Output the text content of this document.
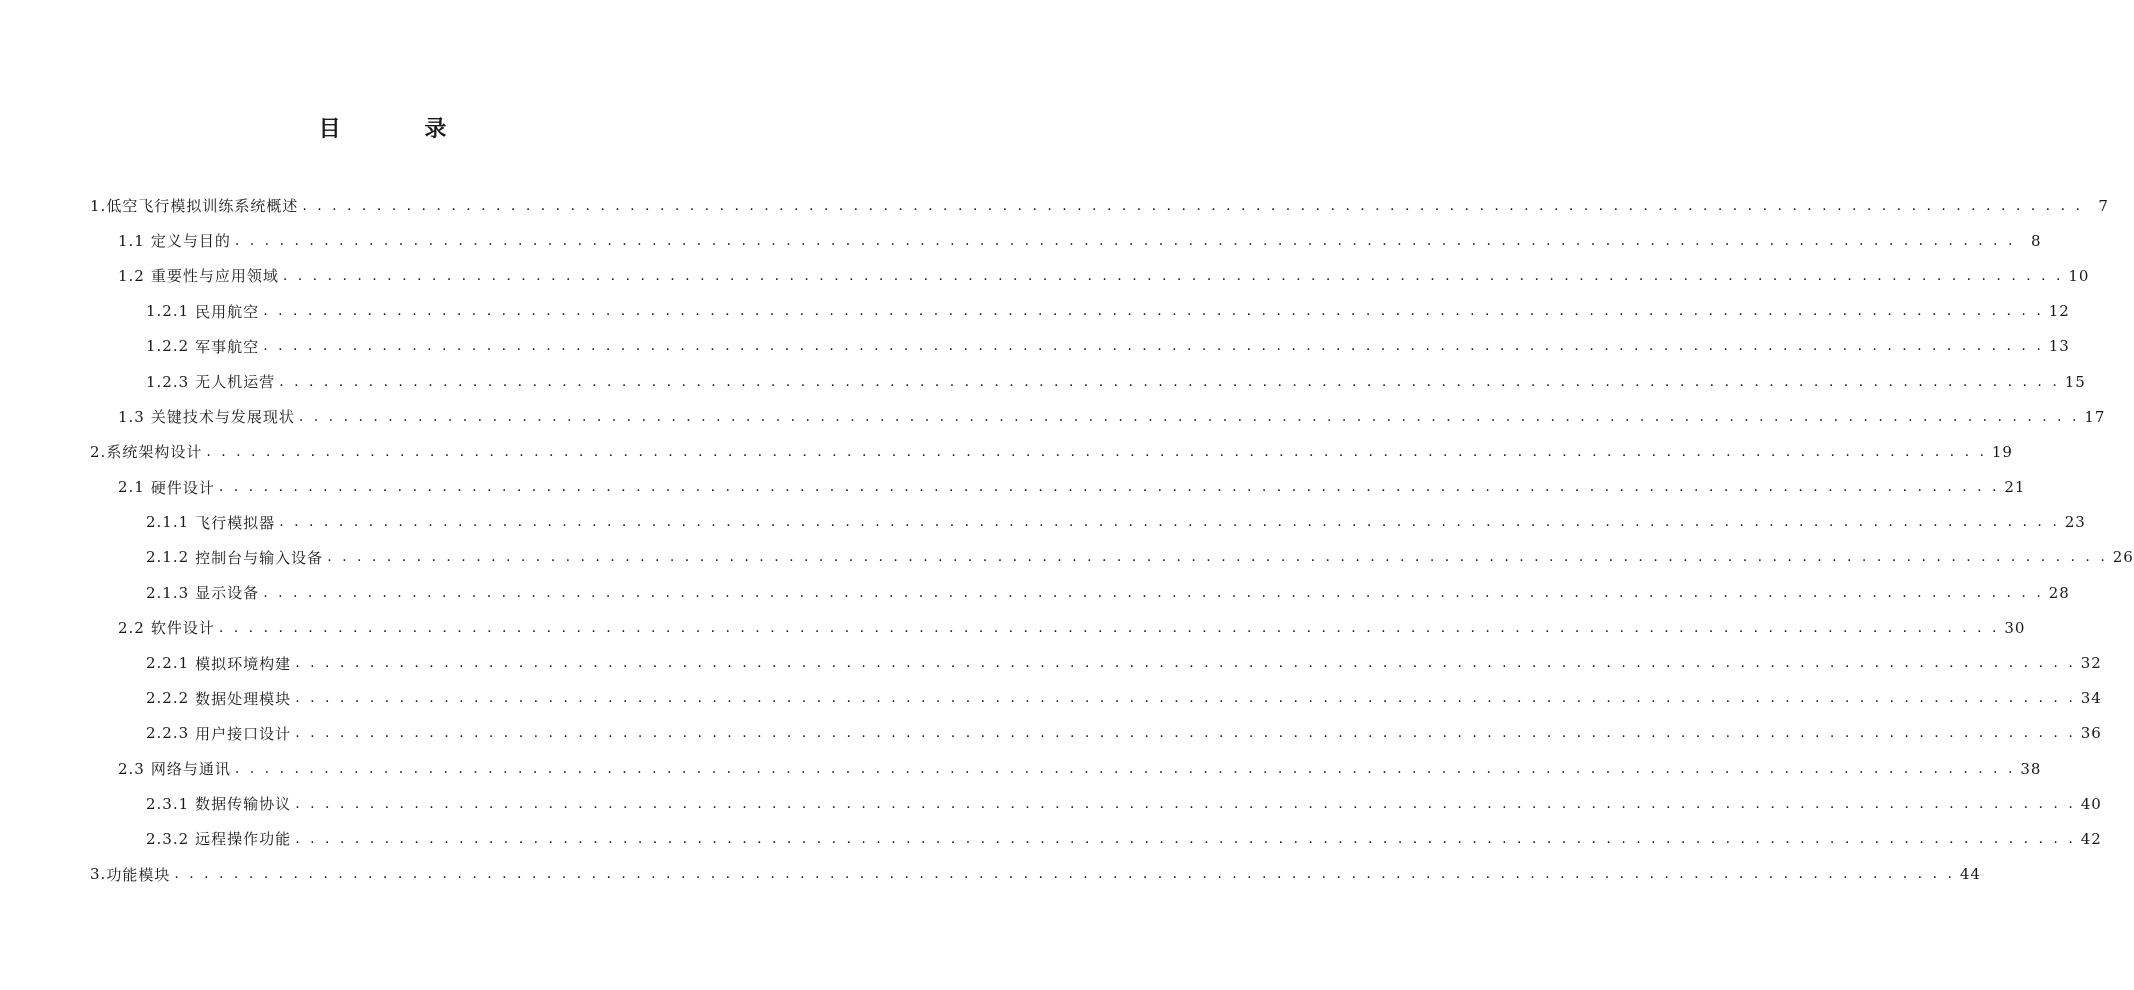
目 录
1. 低空飞行模拟训练系统概述 . . . . . . . . . . . . . . . . . . . . . . . . . . . . . . . . . . . . . . . . . . . . . . . . . . . . . . . . . . . . . . . . . . . . . . . . . . . . . . . . . . . . . . . . . . . . . . . . . . . . . . . . . . . . . . . . . . . . . . . .	7
1.1 定义与目的 . . . . . . . . . . . . . . . . . . . . . . . . . . . . . . . . . . . . . . . . . . . . . . . . . . . . . . . . . . . . . . . . . . . . . . . . . . . . . . . . . . . . . . . . . . . . . . . . . . . . . . . . . . . . . . . . . . . . . . . .	8
1.2 重要性与应用领域 . . . . . . . . . . . . . . . . . . . . . . . . . . . . . . . . . . . . . . . . . . . . . . . . . . . . . . . . . . . . . . . . . . . . . . . . . . . . . . . . . . . . . . . . . . . . . . . . . . . . . . . . . . . . . . . . . . . . . . . . 10
1.2.1 民用航空 . . . . . . . . . . . . . . . . . . . . . . . . . . . . . . . . . . . . . . . . . . . . . . . . . . . . . . . . . . . . . . . . . . . . . . . . . . . . . . . . . . . . . . . . . . . . . . . . . . . . . . . . . . . . . . . . . . . . . . . . 12
1.2.2 军事航空 . . . . . . . . . . . . . . . . . . . . . . . . . . . . . . . . . . . . . . . . . . . . . . . . . . . . . . . . . . . . . . . . . . . . . . . . . . . . . . . . . . . . . . . . . . . . . . . . . . . . . . . . . . . . . . . . . . . . . . . . 13
1.2.3 无人机运营 . . . . . . . . . . . . . . . . . . . . . . . . . . . . . . . . . . . . . . . . . . . . . . . . . . . . . . . . . . . . . . . . . . . . . . . . . . . . . . . . . . . . . . . . . . . . . . . . . . . . . . . . . . . . . . . . . . . . . . . . 15
1.3 关键技术与发展现状 . . . . . . . . . . . . . . . . . . . . . . . . . . . . . . . . . . . . . . . . . . . . . . . . . . . . . . . . . . . . . . . . . . . . . . . . . . . . . . . . . . . . . . . . . . . . . . . . . . . . . . . . . . . . . . . . . . . . . . . . 17
2. 系统架构设计 . . . . . . . . . . . . . . . . . . . . . . . . . . . . . . . . . . . . . . . . . . . . . . . . . . . . . . . . . . . . . . . . . . . . . . . . . . . . . . . . . . . . . . . . . . . . . . . . . . . . . . . . . . . . . . . . . . . . . . . . 19
2.1 硬件设计 . . . . . . . . . . . . . . . . . . . . . . . . . . . . . . . . . . . . . . . . . . . . . . . . . . . . . . . . . . . . . . . . . . . . . . . . . . . . . . . . . . . . . . . . . . . . . . . . . . . . . . . . . . . . . . . . . . . . . . . . 21
2.1.1 飞行模拟器 . . . . . . . . . . . . . . . . . . . . . . . . . . . . . . . . . . . . . . . . . . . . . . . . . . . . . . . . . . . . . . . . . . . . . . . . . . . . . . . . . . . . . . . . . . . . . . . . . . . . . . . . . . . . . . . . . . . . . . . . 23
2.1.2 控制台与输入设备 . . . . . . . . . . . . . . . . . . . . . . . . . . . . . . . . . . . . . . . . . . . . . . . . . . . . . . . . . . . . . . . . . . . . . . . . . . . . . . . . . . . . . . . . . . . . . . . . . . . . . . . . . . . . . . . . . . . . . . . . 26
2.1.3 显示设备 . . . . . . . . . . . . . . . . . . . . . . . . . . . . . . . . . . . . . . . . . . . . . . . . . . . . . . . . . . . . . . . . . . . . . . . . . . . . . . . . . . . . . . . . . . . . . . . . . . . . . . . . . . . . . . . . . . . . . . . . 28
2.2 软件设计 . . . . . . . . . . . . . . . . . . . . . . . . . . . . . . . . . . . . . . . . . . . . . . . . . . . . . . . . . . . . . . . . . . . . . . . . . . . . . . . . . . . . . . . . . . . . . . . . . . . . . . . . . . . . . . . . . . . . . . . . 30
2.2.1 模拟环境构建 . . . . . . . . . . . . . . . . . . . . . . . . . . . . . . . . . . . . . . . . . . . . . . . . . . . . . . . . . . . . . . . . . . . . . . . . . . . . . . . . . . . . . . . . . . . . . . . . . . . . . . . . . . . . . . . . . . . . . . . . 32
2.2.2 数据处理模块 . . . . . . . . . . . . . . . . . . . . . . . . . . . . . . . . . . . . . . . . . . . . . . . . . . . . . . . . . . . . . . . . . . . . . . . . . . . . . . . . . . . . . . . . . . . . . . . . . . . . . . . . . . . . . . . . . . . . . . . . 34
2.2.3 用户接口设计 . . . . . . . . . . . . . . . . . . . . . . . . . . . . . . . . . . . . . . . . . . . . . . . . . . . . . . . . . . . . . . . . . . . . . . . . . . . . . . . . . . . . . . . . . . . . . . . . . . . . . . . . . . . . . . . . . . . . . . . . 36
2.3 网络与通讯 . . . . . . . . . . . . . . . . . . . . . . . . . . . . . . . . . . . . . . . . . . . . . . . . . . . . . . . . . . . . . . . . . . . . . . . . . . . . . . . . . . . . . . . . . . . . . . . . . . . . . . . . . . . . . . . . . . . . . . . . 38
2.3.1 数据传输协议 . . . . . . . . . . . . . . . . . . . . . . . . . . . . . . . . . . . . . . . . . . . . . . . . . . . . . . . . . . . . . . . . . . . . . . . . . . . . . . . . . . . . . . . . . . . . . . . . . . . . . . . . . . . . . . . . . . . . . . . . 40
2.3.2 远程操作功能 . . . . . . . . . . . . . . . . . . . . . . . . . . . . . . . . . . . . . . . . . . . . . . . . . . . . . . . . . . . . . . . . . . . . . . . . . . . . . . . . . . . . . . . . . . . . . . . . . . . . . . . . . . . . . . . . . . . . . . . . 42
3. 功能模块 . . . . . . . . . . . . . . . . . . . . . . . . . . . . . . . . . . . . . . . . . . . . . . . . . . . . . . . . . . . . . . . . . . . . . . . . . . . . . . . . . . . . . . . . . . . . . . . . . . . . . . . . . . . . . . . . . . . . . . . . 44
